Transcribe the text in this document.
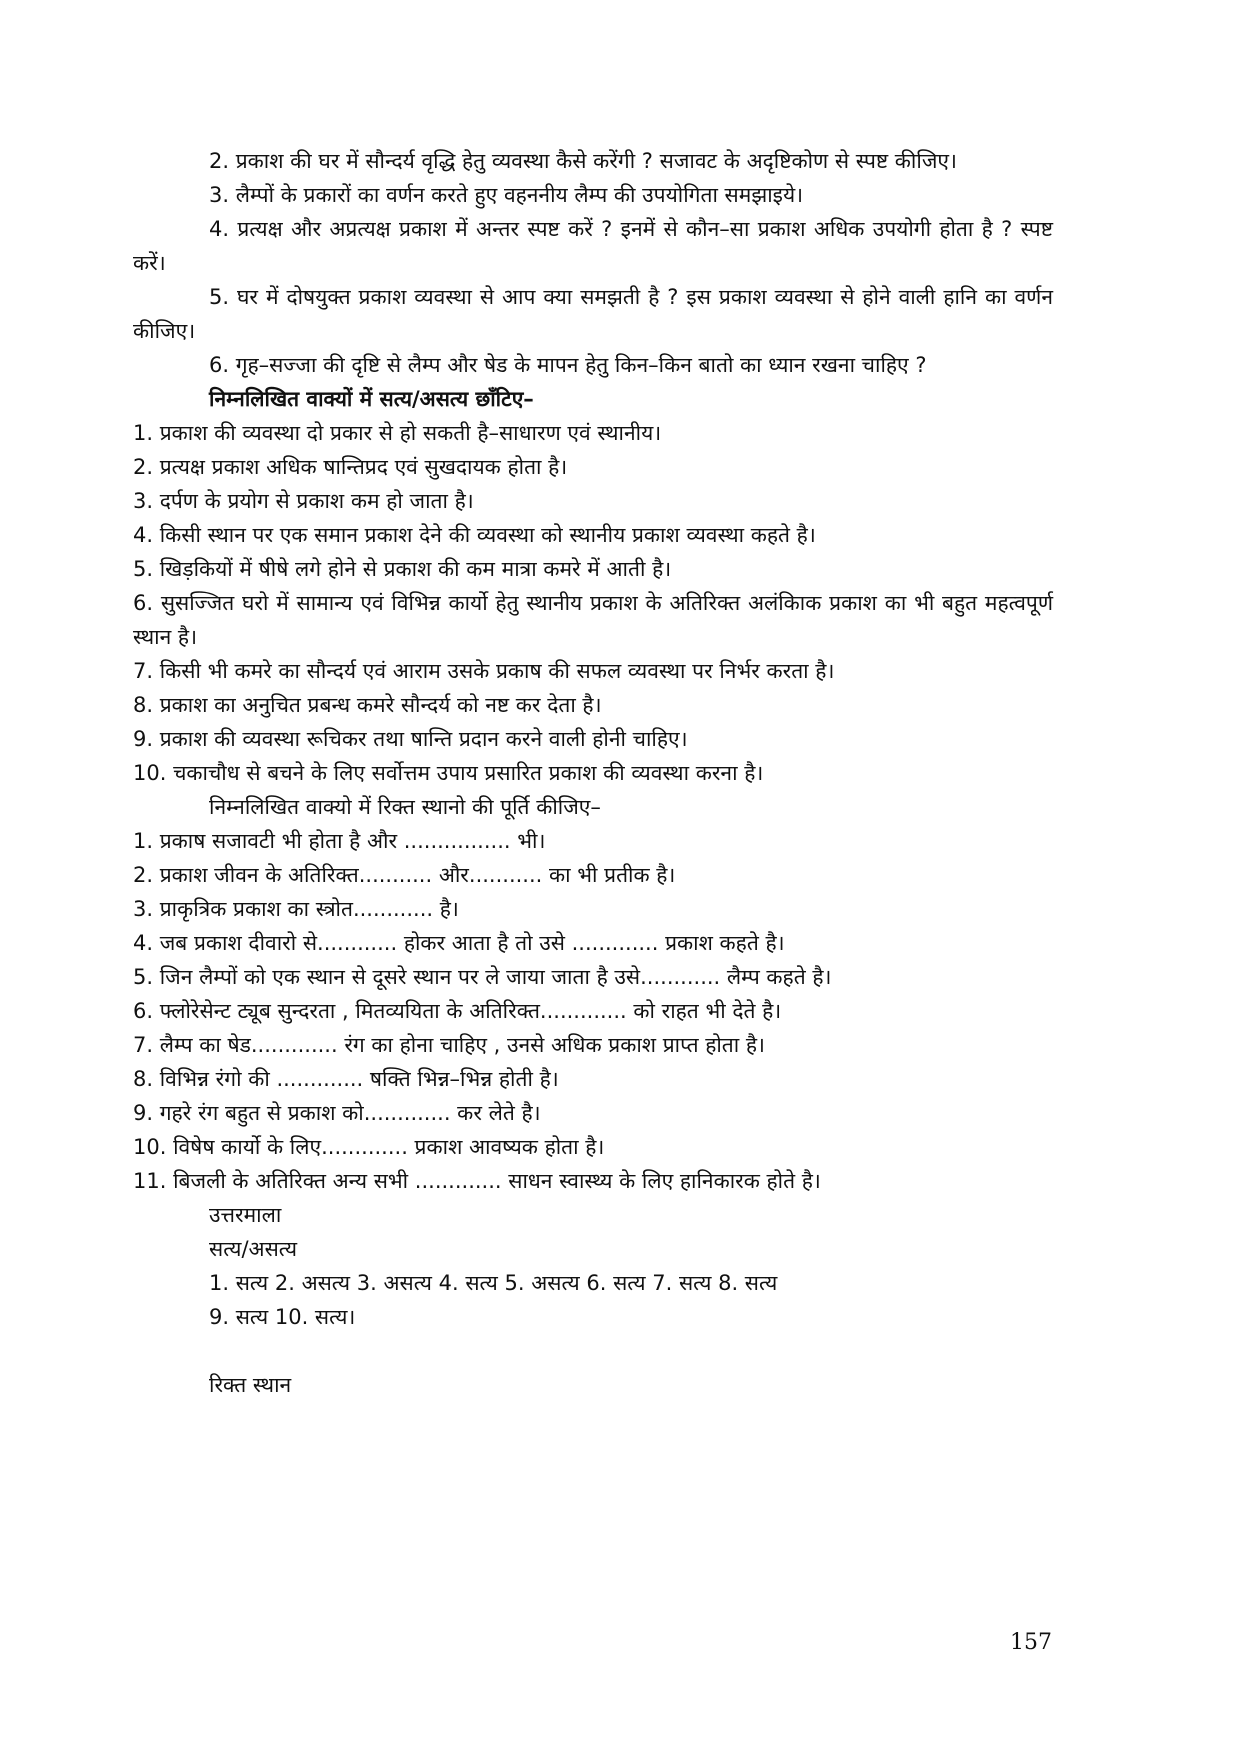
2. प्रकाश की घर में सौन्दर्य वृद्धि हेतु व्यवस्था कैसे करेंगी ? सजावट के अदृष्टिकोण से स्पष्ट कीजिए।

3. लैम्पों के प्रकारों का वर्णन करते हुए वहननीय लैम्प की उपयोगिता समझाइये।

4. प्रत्यक्ष और अप्रत्यक्ष प्रकाश में अन्तर स्पष्ट करें ? इनमें से कौन–सा प्रकाश अधिक उपयोगी होता है ? स्पष्ट करें।

5. घर में दोषयुक्त प्रकाश व्यवस्था से आप क्या समझती है ? इस प्रकाश व्यवस्था से होने वाली हानि का वर्णन कीजिए।

6. गृह–सज्जा की दृष्टि से लैम्प और षेड के मापन हेतु किन–किन बातो का ध्यान रखना चाहिए ?

निम्नलिखित वाक्यों में सत्य/असत्य छाँटिए–

1. प्रकाश की व्यवस्था दो प्रकार से हो सकती है–साधारण एवं स्थानीय।

2. प्रत्यक्ष प्रकाश अधिक षान्तिप्रद एवं सुखदायक होता है।

3. दर्पण के प्रयोग से प्रकाश कम हो जाता है।

4. किसी स्थान पर एक समान प्रकाश देने की व्यवस्था को स्थानीय प्रकाश व्यवस्था कहते है।

5. खिड़कियों में षीषे लगे होने से प्रकाश की कम मात्रा कमरे में आती है।

6. सुसज्जित घरो में सामान्य एवं विभिन्न कार्यो हेतु स्थानीय प्रकाश के अतिरिक्त अलंकािक प्रकाश का भी बहुत महत्वपूर्ण स्थान है।

7. किसी भी कमरे का सौन्दर्य एवं आराम उसके प्रकाष की सफल व्यवस्था पर निर्भर करता है।

8. प्रकाश का अनुचित प्रबन्ध कमरे सौन्दर्य को नष्ट कर देता है।

9. प्रकाश की व्यवस्था रूचिकर तथा षान्ति प्रदान करने वाली होनी चाहिए।

10. चकाचौध से बचने के लिए सर्वोत्तम उपाय प्रसारित प्रकाश की व्यवस्था करना है।

निम्नलिखित वाक्यो में रिक्त स्थानो की पूर्ति कीजिए–

1. प्रकाष सजावटी भी होता है और ................ भी।

2. प्रकाश जीवन के अतिरिक्त........... और........... का भी प्रतीक है।

3. प्राकृत्रिक प्रकाश का स्त्रोत............ है।

4. जब प्रकाश दीवारो से............ होकर आता है तो उसे ............. प्रकाश कहते है।

5. जिन लैम्पों को एक स्थान से दूसरे स्थान पर ले जाया जाता है उसे............ लैम्प कहते है।

6. फ्लोरेसेन्ट ट्यूब सुन्दरता , मितव्ययिता के अतिरिक्त............. को राहत भी देते है।

7. लैम्प का षेड............. रंग का होना चाहिए , उनसे अधिक प्रकाश प्राप्त होता है।

8. विभिन्न रंगो की ............. षक्ति भिन्न–भिन्न होती है।

9. गहरे रंग बहुत से प्रकाश को............. कर लेते है।

10. विषेष कार्यो के लिए............. प्रकाश आवष्यक होता है।

11. बिजली के अतिरिक्त अन्य सभी ............. साधन स्वास्थ्य के लिए हानिकारक होते है।

उत्तरमाला

सत्य/असत्य

1. सत्य 2. असत्य 3. असत्य 4. सत्य 5. असत्य 6. सत्य 7. सत्य 8. सत्य

9. सत्य 10. सत्य।

रिक्त स्थान

157
